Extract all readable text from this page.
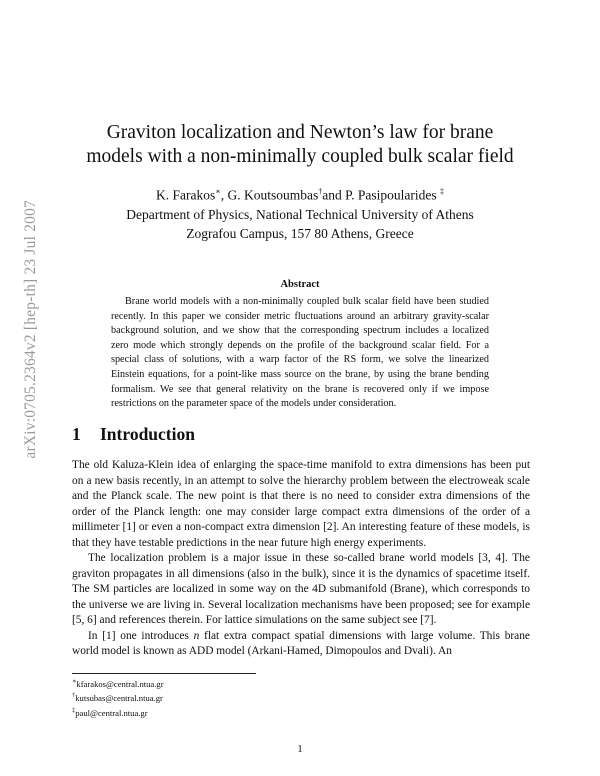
arXiv:0705.2364v2 [hep-th] 23 Jul 2007
Graviton localization and Newton’s law for brane
models with a non-minimally coupled bulk scalar field
K. Farakos∗, G. Koutsoumbas†and P. Pasipoularides ‡
Department of Physics, National Technical University of Athens
Zografou Campus, 157 80 Athens, Greece
Abstract
Brane world models with a non-minimally coupled bulk scalar field have been studied recently. In this paper we consider metric fluctuations around an arbitrary gravity-scalar background solution, and we show that the corresponding spectrum includes a localized zero mode which strongly depends on the profile of the background scalar field. For a special class of solutions, with a warp factor of the RS form, we solve the linearized Einstein equations, for a point-like mass source on the brane, by using the brane bending formalism. We see that general relativity on the brane is recovered only if we impose restrictions on the parameter space of the models under consideration.
1 Introduction

The old Kaluza-Klein idea of enlarging the space-time manifold to extra dimensions has been put on a new basis recently, in an attempt to solve the hierarchy problem between the electroweak scale and the Planck scale. The new point is that there is no need to consider extra dimensions of the order of the Planck length: one may consider large compact extra dimensions of the order of a millimeter [1] or even a non-compact extra dimension [2]. An interesting feature of these models, is that they have testable predictions in the near future high energy experiments.

The localization problem is a major issue in these so-called brane world models [3, 4]. The graviton propagates in all dimensions (also in the bulk), since it is the dynamics of spacetime itself. The SM particles are localized in some way on the 4D submanifold (Brane), which corresponds to the universe we are living in. Several localization mechanisms have been proposed; see for example [5, 6] and references therein. For lattice simulations on the same subject see [7].

In [1] one introduces n flat extra compact spatial dimensions with large volume. This brane world model is known as ADD model (Arkani-Hamed, Dimopoulos and Dvali). An

∗kfarakos@central.ntua.gr
†kutsubas@central.ntua.gr
‡paul@central.ntua.gr
1
